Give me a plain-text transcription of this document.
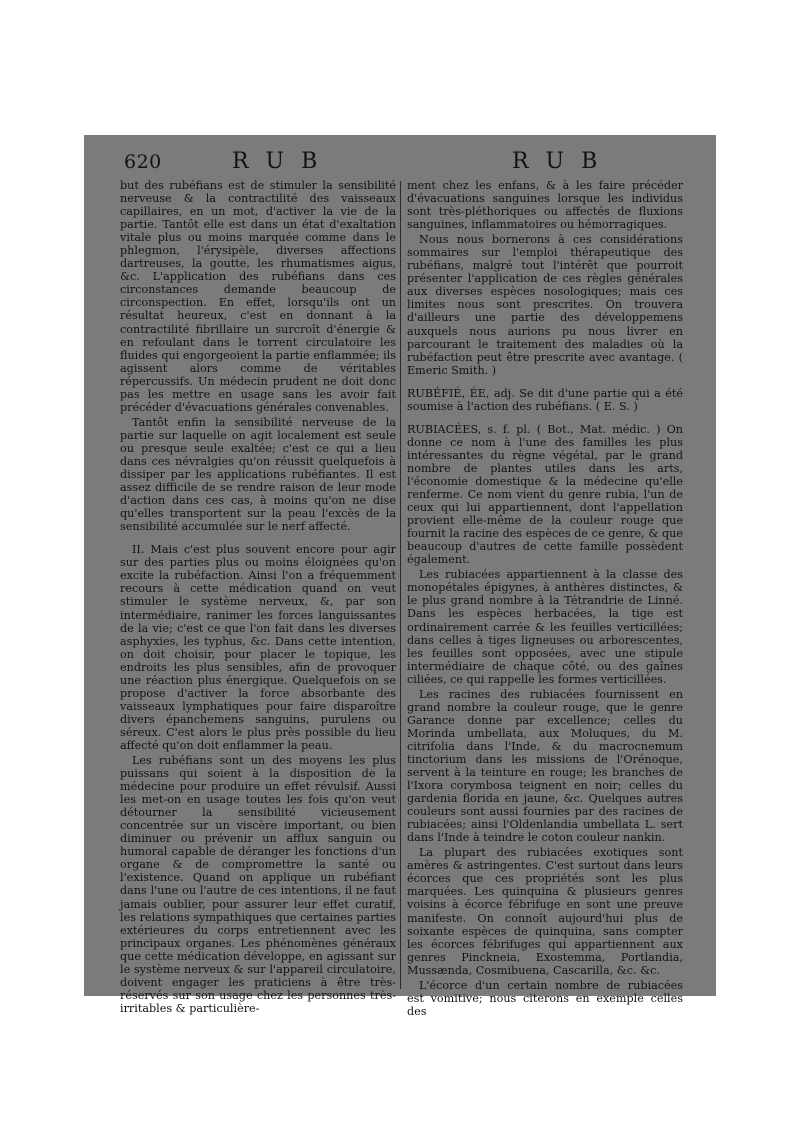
620	R U B	R U B

but des rubéfians est de stimuler la sensibilité nerveuse & la contractilité des vaisseaux capillaires, en un mot, d'activer la vie de la partie. Tantôt elle est dans un état d'exaltation vitale plus ou moins marquée comme dans le phlegmon, l'érysipèle, diverses affections dartreuses, la goutte, les rhumatismes aigus, &c. L'application des rubéfians dans ces circonstances demande beaucoup de circonspection. En effet, lorsqu'ils ont un résultat heureux, c'est en donnant à la contractilité fibrillaire un surcroît d'énergie & en refoulant dans le torrent circulatoire les fluides qui engorgeoient la partie enflammée; ils agissent alors comme de véritables répercussifs. Un médecin prudent ne doit donc pas les mettre en usage sans les avoir fait précéder d'évacuations générales convenables.

Tantôt enfin la sensibilité nerveuse de la partie sur laquelle on agit localement est seule ou presque seule exaltée; c'est ce qui a lieu dans ces névralgies qu'on réussit quelquefois à dissiper par les applications rubéfiantes. Il est assez difficile de se rendre raison de leur mode d'action dans ces cas, à moins qu'on ne dise qu'elles transportent sur la peau l'excès de la sensibilité accumulée sur le nerf affecté.

II. Mais c'est plus souvent encore pour agir sur des parties plus ou moins éloignées qu'on excite la rubéfaction. Ainsi l'on a fréquemment recours à cette médication quand on veut stimuler le système nerveux, &, par son intermédiaire, ranimer les forces languissantes de la vie; c'est ce que l'on fait dans les diverses asphyxies, les typhus, &c. Dans cette intention, on doit choisir, pour placer le topique, les endroits les plus sensibles, afin de provoquer une réaction plus énergique. Quelquefois on se propose d'activer la force absorbante des vaisseaux lymphatiques pour faire disparoître divers épanchemens sanguins, purulens ou séreux. C'est alors le plus près possible du lieu affecté qu'on doit enflammer la peau.

Les rubéfians sont un des moyens les plus puissans qui soient à la disposition de la médecine pour produire un effet révulsif. Aussi les met-on en usage toutes les fois qu'on veut détourner la sensibilité vicieusement concentrée sur un viscère important, ou bien diminuer ou prévenir un afflux sanguin ou humoral capable de déranger les fonctions d'un organe & de compromettre la santé ou l'existence. Quand on applique un rubéfiant dans l'une ou l'autre de ces intentions, il ne faut jamais oublier, pour assurer leur effet curatif, les relations sympathiques que certaines parties extérieures du corps entretiennent avec les principaux organes. Les phénomènes généraux que cette médication développe, en agissant sur le système nerveux & sur l'appareil circulatoire, doivent engager les praticiens à être très-réservés sur son usage chez les personnes très-irritables & particulière-

ment chez les enfans, & à les faire précéder d'évacuations sanguines lorsque les individus sont très-pléthoriques ou affectés de fluxions sanguines, inflammatoires ou hémorragiques.

Nous nous bornerons à ces considérations sommaires sur l'emploi thérapeutique des rubéfians, malgré tout l'intérêt que pourroit présenter l'application de ces règles générales aux diverses espèces nosologiques; mais ces limites nous sont prescrites. On trouvera d'ailleurs une partie des développemens auxquels nous aurions pu nous livrer en parcourant le traitement des maladies où la rubéfaction peut être prescrite avec avantage. ( Emeric Smith. )

RUBÉFIÉ, ÉE, adj. Se dit d'une partie qui a été soumise à l'action des rubéfians. ( E. S. )

RUBIACÉES, s. f. pl. ( Bot., Mat. médic. ) On donne ce nom à l'une des familles les plus intéressantes du règne végétal, par le grand nombre de plantes utiles dans les arts, l'économie domestique & la médecine qu'elle renferme. Ce nom vient du genre rubia, l'un de ceux qui lui appartiennent, dont l'appellation provient elle-même de la couleur rouge que fournit la racine des espèces de ce genre, & que beaucoup d'autres de cette famille possèdent également.

Les rubiacées appartiennent à la classe des monopétales épigynes, à anthères distinctes, & le plus grand nombre à la Tétrandrie de Linné. Dans les espèces herbacées, la tige est ordinairement carrée & les feuilles verticillées; dans celles à tiges ligneuses ou arborescentes, les feuilles sont opposées, avec une stipule intermédiaire de chaque côté, ou des gaînes ciliées, ce qui rappelle les formes verticillées.

Les racines des rubiacées fournissent en grand nombre la couleur rouge, que le genre Garance donne par excellence; celles du Morinda umbellata, aux Moluques, du M. citrifolia dans l'Inde, & du macrocnemum tinctorium dans les missions de l'Orénoque, servent à la teinture en rouge; les branches de l'Ixora corymbosa teignent en noir; celles du gardenia florida en jaune, &c. Quelques autres couleurs sont aussi fournies par des racines de rubiacées; ainsi l'Oldenlandia umbellata L. sert dans l'Inde à teindre le coton couleur nankin.

La plupart des rubiacées exotiques sont amères & astringentes. C'est surtout dans leurs écorces que ces propriétés sont les plus marquées. Les quinquina & plusieurs genres voisins à écorce fébrifuge en sont une preuve manifeste. On connoît aujourd'hui plus de soixante espèces de quinquina, sans compter les écorces fébrifuges qui appartiennent aux genres Pinckneia, Exostemma, Portlandia, Mussænda, Cosmibuena, Cascarilla, &c. &c.

L'écorce d'un certain nombre de rubiacées est vomitive; nous citerons en exemple celles des
